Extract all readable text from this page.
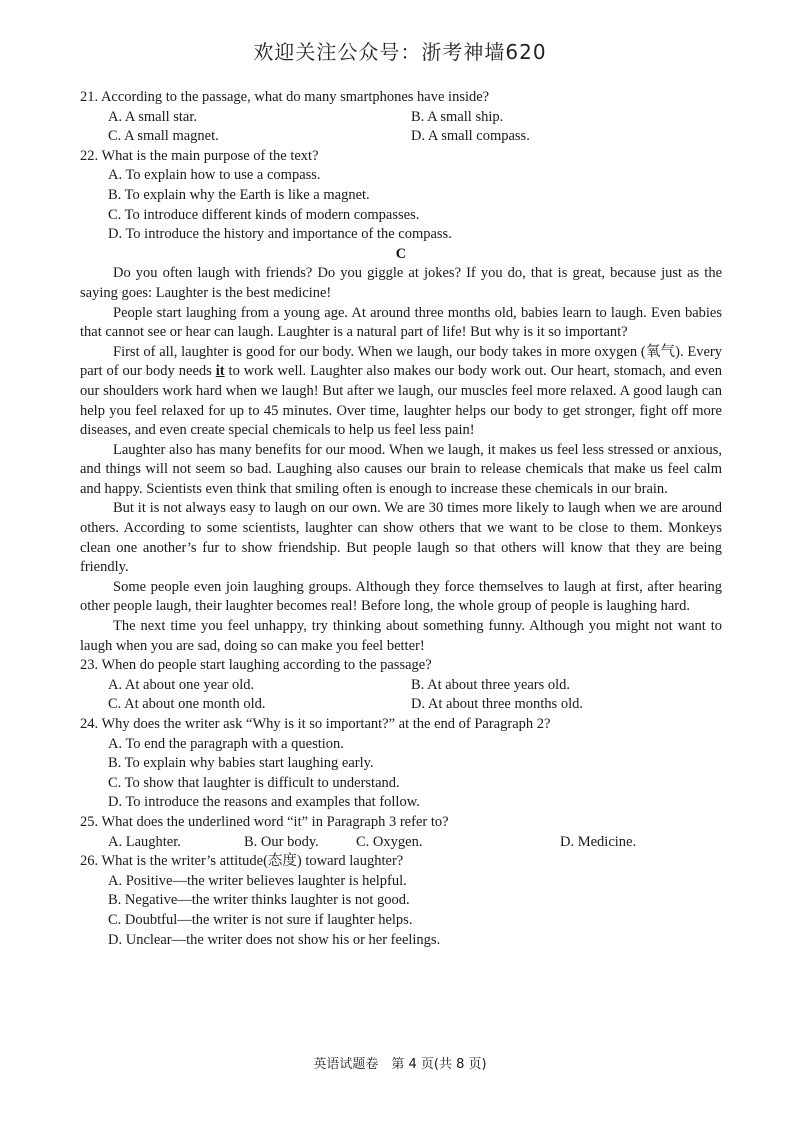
欢迎关注公众号：浙考神墙620

21. According to the passage, what do many smartphones have inside?

A. A small star.	B. A small ship.
C. A small magnet.	D. A small compass.

22. What is the main purpose of the text?

A. To explain how to use a compass.

B. To explain why the Earth is like a magnet.

C. To introduce different kinds of modern compasses.

D. To introduce the history and importance of the compass.

C

Do you often laugh with friends? Do you giggle at jokes? If you do, that is great, because just as the saying goes: Laughter is the best medicine!

People start laughing from a young age. At around three months old, babies learn to laugh. Even babies that cannot see or hear can laugh. Laughter is a natural part of life! But why is it so important?

First of all, laughter is good for our body. When we laugh, our body takes in more oxygen (氧气). Every part of our body needs it to work well. Laughter also makes our body work out. Our heart, stomach, and even our shoulders work hard when we laugh! But after we laugh, our muscles feel more relaxed. A good laugh can help you feel relaxed for up to 45 minutes. Over time, laughter helps our body to get stronger, fight off more diseases, and even create special chemicals to help us feel less pain!

Laughter also has many benefits for our mood. When we laugh, it makes us feel less stressed or anxious, and things will not seem so bad. Laughing also causes our brain to release chemicals that make us feel calm and happy. Scientists even think that smiling often is enough to increase these chemicals in our brain.

But it is not always easy to laugh on our own. We are 30 times more likely to laugh when we are around others. According to some scientists, laughter can show others that we want to be close to them. Monkeys clean one another’s fur to show friendship. But people laugh so that others will know that they are being friendly.

Some people even join laughing groups. Although they force themselves to laugh at first, after hearing other people laugh, their laughter becomes real! Before long, the whole group of people is laughing hard.

The next time you feel unhappy, try thinking about something funny. Although you might not want to laugh when you are sad, doing so can make you feel better!

23. When do people start laughing according to the passage?

A. At about one year old.	B. At about three years old.
C. At about one month old.	D. At about three months old.

24. Why does the writer ask “Why is it so important?” at the end of Paragraph 2?

A. To end the paragraph with a question.

B. To explain why babies start laughing early.

C. To show that laughter is difficult to understand.

D. To introduce the reasons and examples that follow.

25. What does the underlined word “it” in Paragraph 3 refer to?

A. Laughter.	B. Our body.	C. Oxygen.	D. Medicine.

26. What is the writer’s attitude(态度) toward laughter?

A. Positive—the writer believes laughter is helpful.

B. Negative—the writer thinks laughter is not good.

C. Doubtful—the writer is not sure if laughter helps.

D. Unclear—the writer does not show his or her feelings.

英语试题卷　第 4 页(共 8 页)
